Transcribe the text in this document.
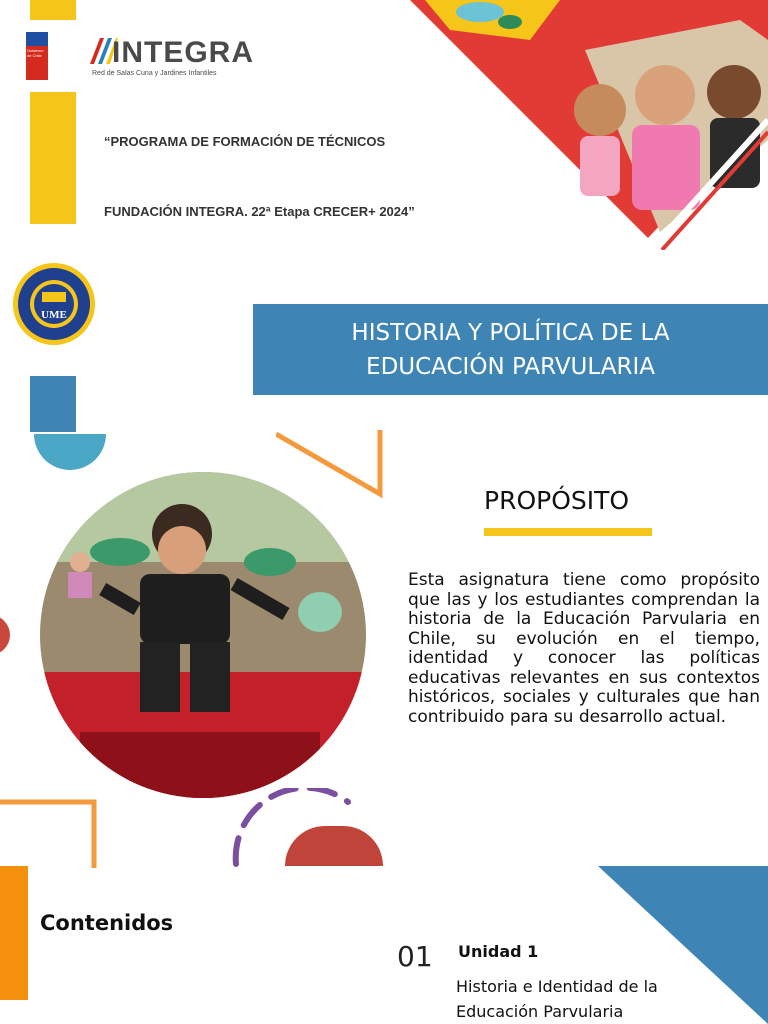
Gobierno de Chile INTEGRA
Red de Salas Cuna y Jardines Infantiles
“PROGRAMA DE FORMACIÓN DE TÉCNICOS
FUNDACIÓN INTEGRA. 22ª Etapa CRECER+ 2024”
UME
HISTORIA Y POLÍTICA DE LA
EDUCACIÓN PARVULARIA
PROPÓSITO
Esta asignatura tiene como propósito que las y los estudiantes comprendan la historia de la Educación Parvularia en Chile, su evolución en el tiempo, identidad y conocer las políticas educativas relevantes en sus contextos históricos, sociales y culturales que han contribuido para su desarrollo actual.
Contenidos
01 Unidad 1
Historia e Identidad de la Educación Parvularia
